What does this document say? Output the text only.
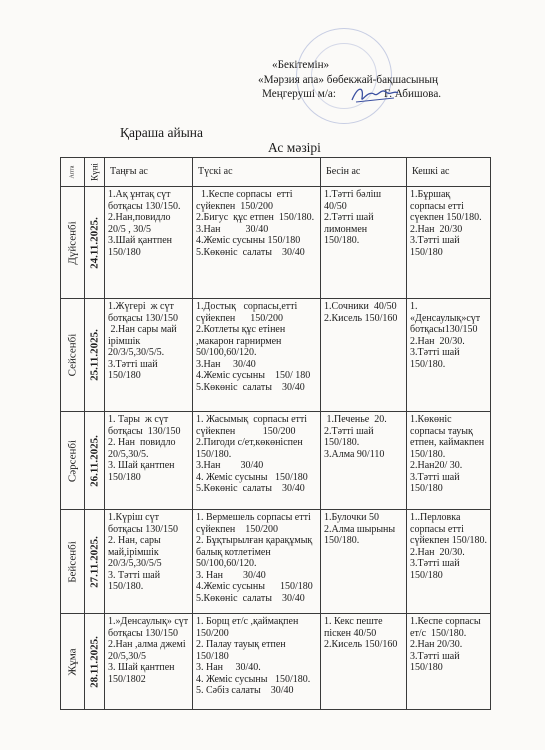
«Бекітемін»
«Мәрзия апа» бөбекжай-бақшасының
Меңгеруші м/а:	Г. Абишова.
Қараша айына
Ас мәзірі
Апта	Күні	Таңғы ас	Түскі ас	Бесін ас	Кешкі ас

Дүйсенбі	24.11.2025.	1.Ақ ұнтақ сүт ботқасы 130/150.
2.Нан,повидло 20/5 , 30/5
3.Шай қантпен 150/180	1.Кеспе сорпасы  етті сүйекпен  150/200
2.Бигус  құс етпен  150/180.
3.Нан          30/40
4.Жеміс сусыны 150/180
5.Көкөніс  салаты    30/40	1.Тәтті бәліш 40/50
2.Тәтті шай лимонмен 150/180.	1.Бұршақ сорпасы етті сүекпен 150/180.
2.Нан  20/30
3.Тәтті шай 150/180

Сейсенбі	25.11.2025.	1.Жүгері  ж сүт ботқасы 130/150
2.Нан сары май ірімшік 20/3/5,30/5/5.
3.Тәтті шай 150/180	1.Достық   сорпасы,етті сүйекпен      150/200
2.Котлеты құс етінен ,макарон гарнирмен 50/100,60/120.
3.Нан     30/40
4.Жеміс сусыны    150/ 180
5.Көкөніс  салаты    30/40	1.Сочники  40/50
2.Кисель 150/160	1. «Денсаулық»сүт ботқасы130/150
2.Нан  20/30.
3.Тәтті шай 150/180.

Сәрсенбі	26.11.2025.	1. Тары  ж сүт ботқасы  130/150
2. Нан  повидло 20/5,30/5.
3. Шай қантпен 150/180	1. Жасымық  сорпасы етті сүйекпен           150/200
2.Пигоди с/ет,көкөніспен 150/180.
3.Нан        30/40
4. Жеміс сусыны   150/180
5.Көкөніс  салаты    30/40	1.Печенье  20.
2.Тәтті шай 150/180.
3.Алма 90/110	1.Көкөніс сорпасы тауық етпен, каймакпен 150/180.
2.Нан20/ 30.
3.Тәтті шай 150/180

Бейсенбі	27.11.2025.	1.Күріш сүт ботқасы 130/150
2. Нан, сары май,ірімшік 20/3/5,30/5/5
3. Тәтті шай 150/180.	1. Вермешель сорпасы етті сүйекпен    150/200
2. Бұқтырылған қарақұмық балық котлетімен 50/100,60/120.
3. Нан        30/40
4.Жеміс сусыны      150/180
5.Көкөніс  салаты    30/40	1.Булочки 50
2.Алма шырыны 150/180.	1..Перловка сорпасы етті сүйекпен 150/180.
2.Нан  20/30.
3.Тәтті шай 150/180

Жұма	28.11.2025.	1.»Денсаулық» сүт ботқасы 130/150
2.Нан ,алма джемі  20/5,30/5
3. Шай қантпен 150/1802	1. Борщ ет/с ,қаймақпен 150/200
2. Палау тауық етпен 150/180
3. Нан     30/40.
4. Жеміс сусыны   150/180.
5. Сәбіз салаты    30/40	1. Кекс пеште піскен 40/50
2.Кисель 150/160	1.Кеспе сорпасы ет/с  150/180.
2.Нан 20/30.
3.Тәтті шай 150/180
